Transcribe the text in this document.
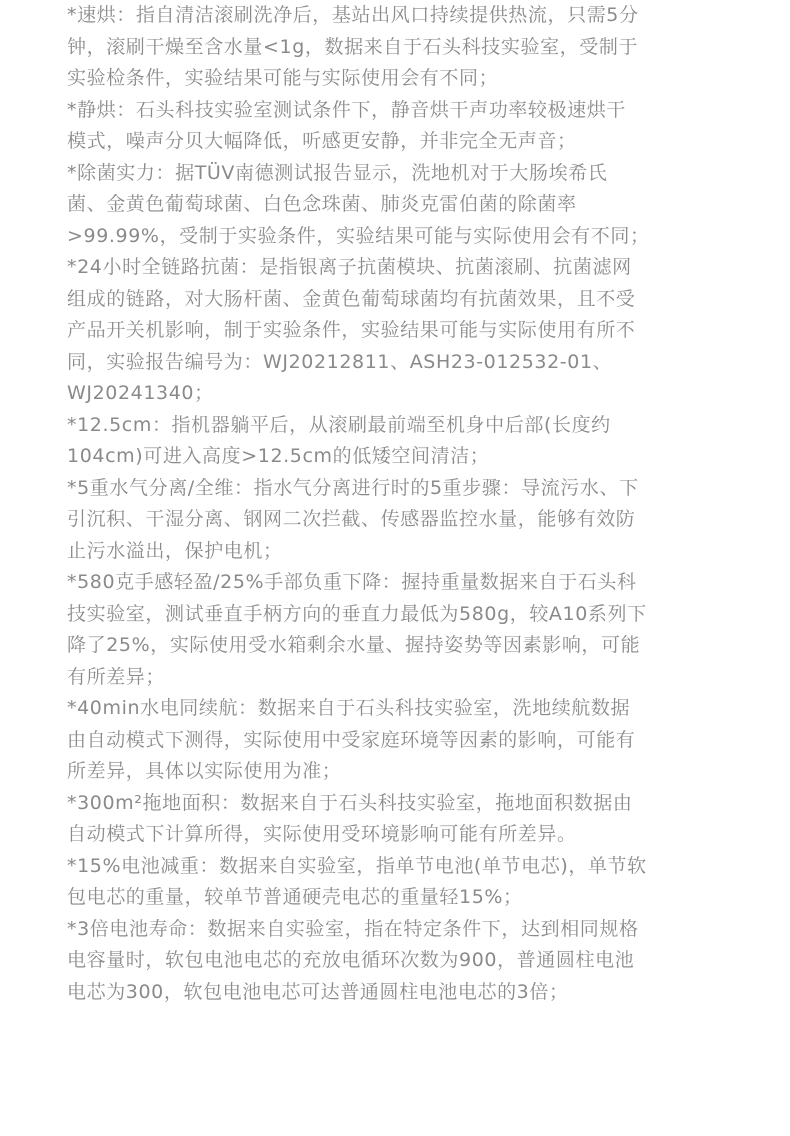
*速烘：指自清洁滚刷洗净后，基站出风口持续提供热流，只需5分
钟，滚刷干燥至含水量<1g，数据来自于石头科技实验室，受制于
实验检条件，实验结果可能与实际使用会有不同；
*静烘：石头科技实验室测试条件下，静音烘干声功率较极速烘干
模式，噪声分贝大幅降低，听感更安静，并非完全无声音；
*除菌实力：据TÜV南德测试报告显示，洗地机对于大肠埃希氏
菌、金黄色葡萄球菌、白色念珠菌、肺炎克雷伯菌的除菌率
>99.99%，受制于实验条件，实验结果可能与实际使用会有不同；
*24小时全链路抗菌：是指银离子抗菌模块、抗菌滚刷、抗菌滤网
组成的链路，对大肠杆菌、金黄色葡萄球菌均有抗菌效果，且不受
产品开关机影响，制于实验条件，实验结果可能与实际使用有所不
同，实验报告编号为：WJ20212811、ASH23-012532-01、
WJ20241340；
*12.5cm：指机器躺平后，从滚刷最前端至机身中后部(长度约
104cm)可进入高度>12.5cm的低矮空间清洁；
*5重水气分离/全维：指水气分离进行时的5重步骤：导流污水、下
引沉积、干湿分离、钢网二次拦截、传感器监控水量，能够有效防
止污水溢出，保护电机；
*580克手感轻盈/25%手部负重下降：握持重量数据来自于石头科
技实验室，测试垂直手柄方向的垂直力最低为580g，较A10系列下
降了25%，实际使用受水箱剩余水量、握持姿势等因素影响，可能
有所差异；
*40min水电同续航：数据来自于石头科技实验室，洗地续航数据
由自动模式下测得，实际使用中受家庭环境等因素的影响，可能有
所差异，具体以实际使用为准；
*300m²拖地面积：数据来自于石头科技实验室，拖地面积数据由
自动模式下计算所得，实际使用受环境影响可能有所差异。
*15%电池减重：数据来自实验室，指单节电池(单节电芯)，单节软
包电芯的重量，较单节普通硬壳电芯的重量轻15%；
*3倍电池寿命：数据来自实验室，指在特定条件下，达到相同规格
电容量时，软包电池电芯的充放电循环次数为900，普通圆柱电池
电芯为300，软包电池电芯可达普通圆柱电池电芯的3倍；
